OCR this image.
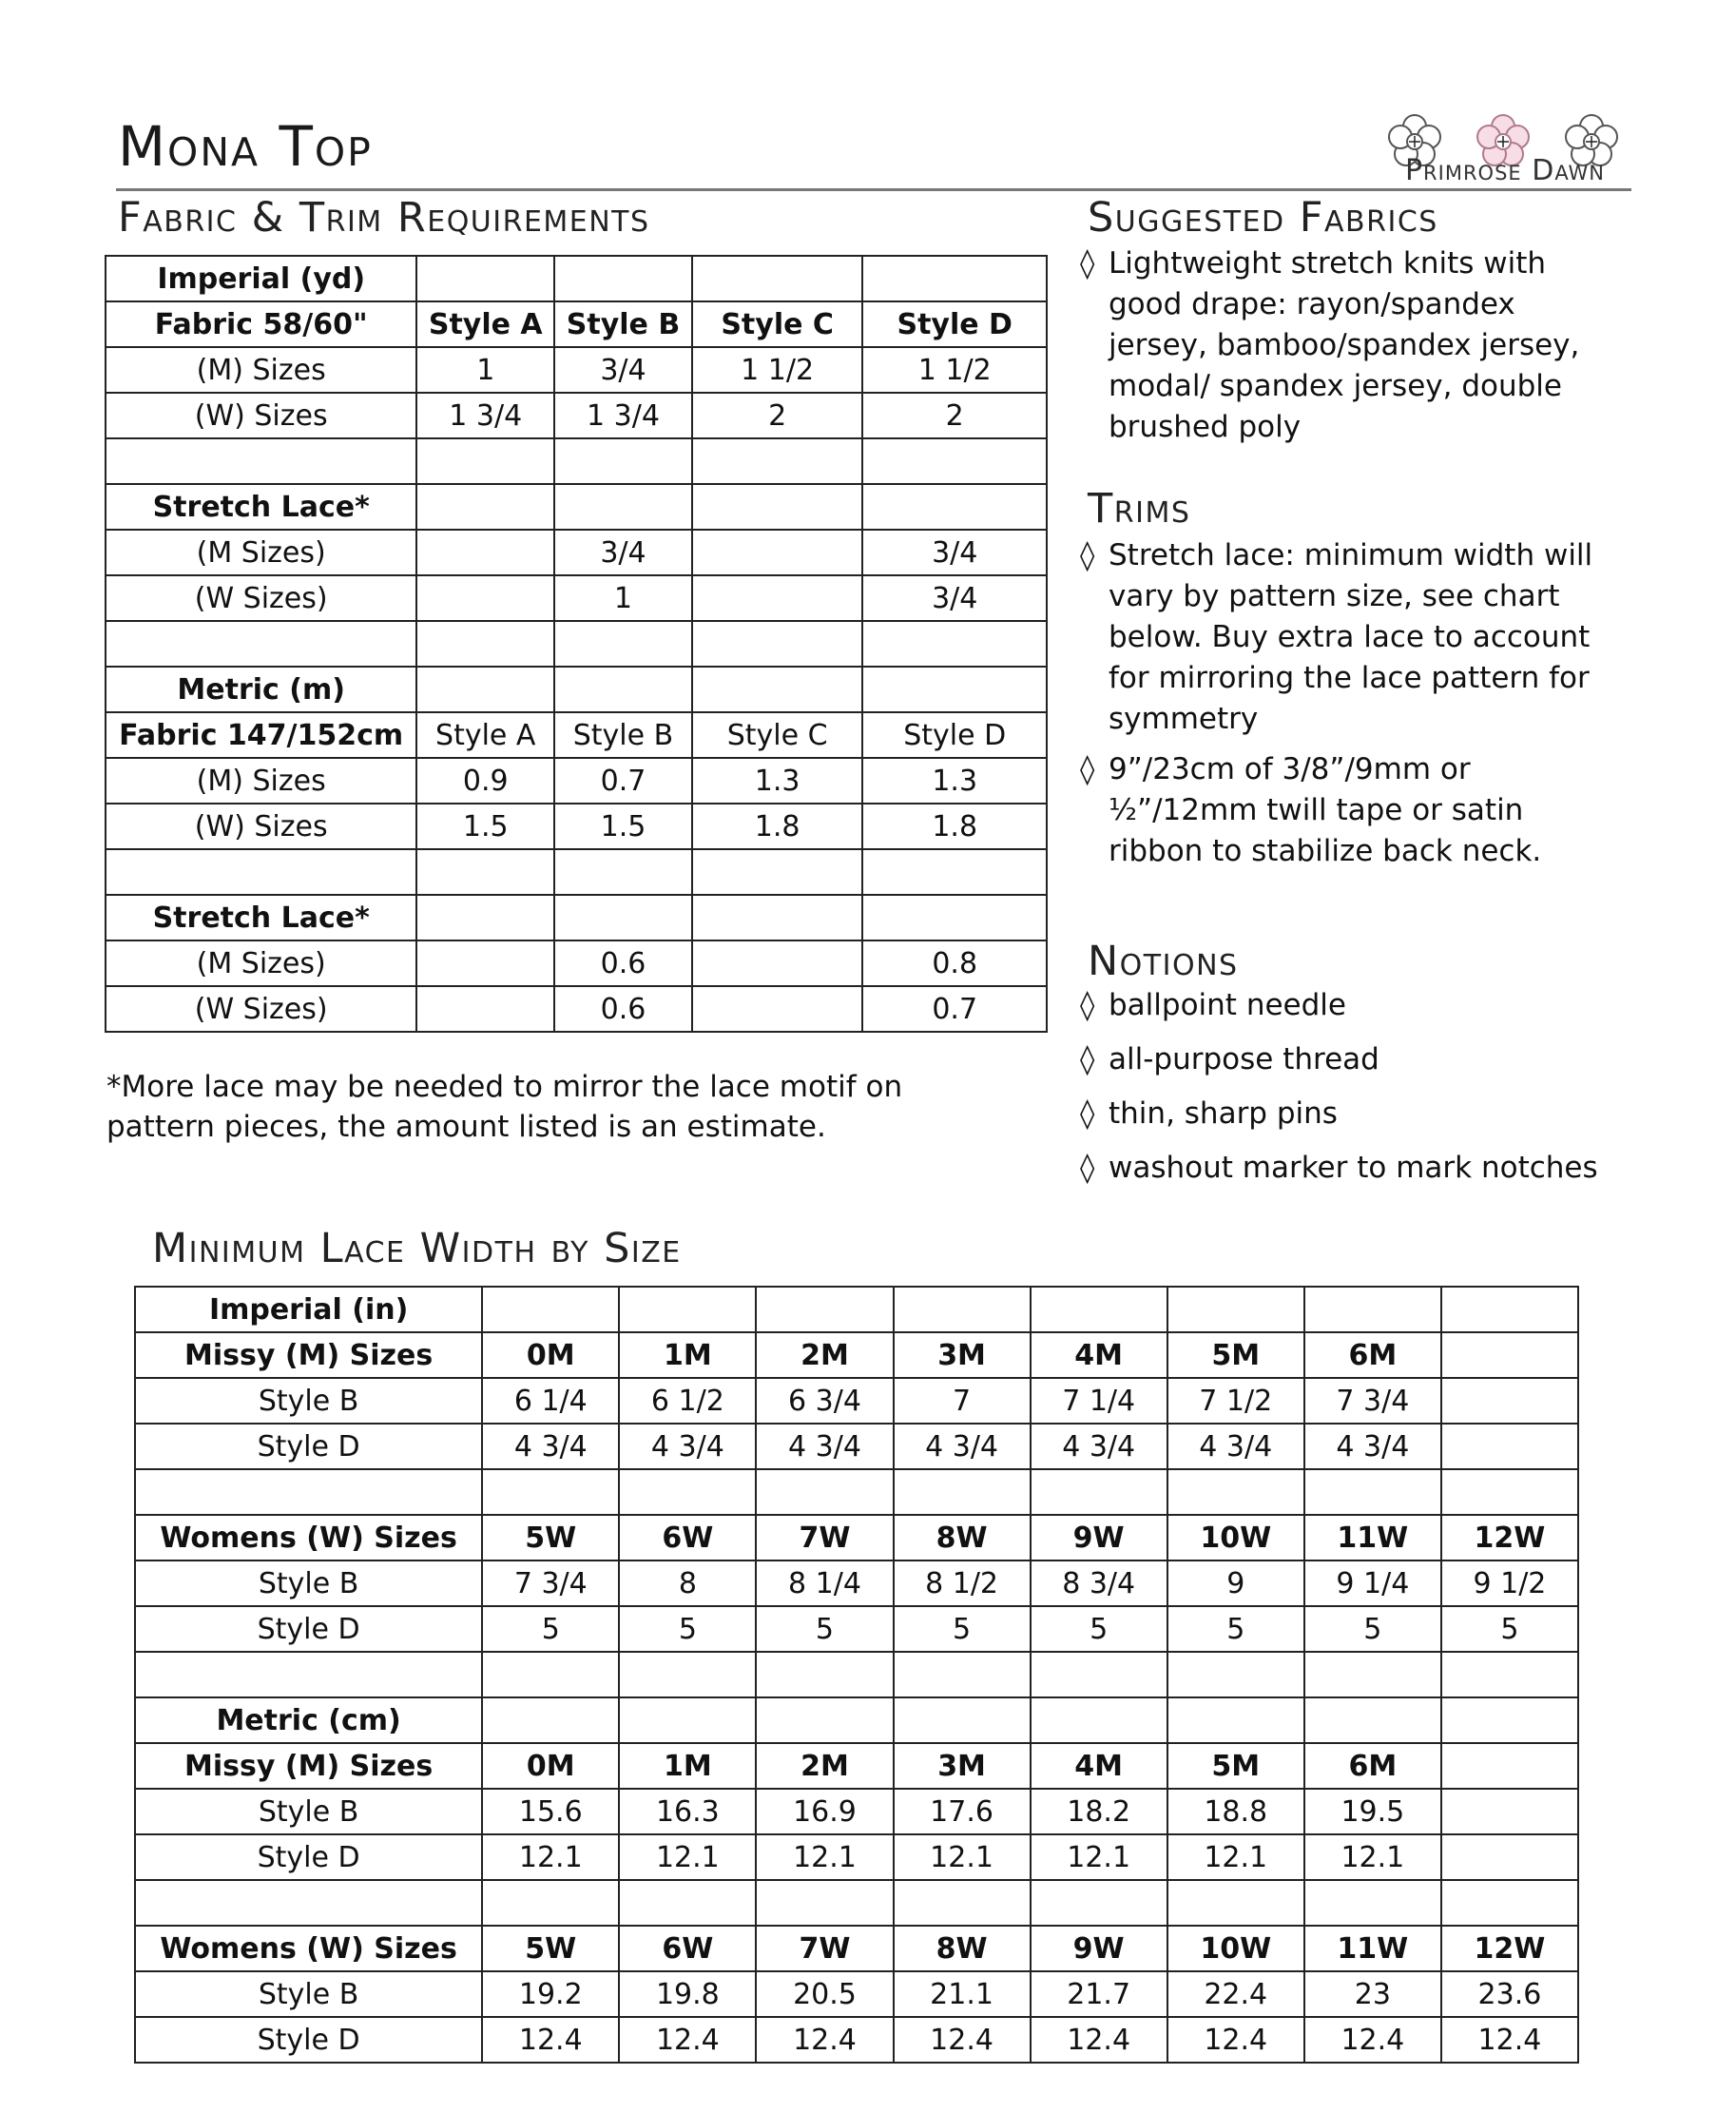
Mona Top	Primrose Dawn
Fabric & Trim Requirements	Suggested Fabrics
Trims
Notions
Minimum Lace Width by Size
Imperial (yd)				
Fabric 58/60"	Style A	Style B	Style C	Style D
(M) Sizes	1	3/4	1 1/2	1 1/2
(W) Sizes	1 3/4	1 3/4	2	2

Stretch Lace*				
(M Sizes)		3/4		3/4
(W Sizes)		1		3/4

Metric (m)				
Fabric 147/152cm	Style A	Style B	Style C	Style D
(M) Sizes	0.9	0.7	1.3	1.3
(W) Sizes	1.5	1.5	1.8	1.8

Stretch Lace*				
(M Sizes)		0.6		0.8
(W Sizes)		0.6		0.7
*More lace may be needed to mirror the lace motif on pattern pieces, the amount listed is an estimate.
◊ Lightweight stretch knits with good drape: rayon/spandex jersey, bamboo/spandex jersey, modal/ spandex jersey, double brushed poly
◊ Stretch lace: minimum width will vary by pattern size, see chart below. Buy extra lace to account for mirroring the lace pattern for symmetry
◊ 9”/23cm of 3/8”/9mm or ½”/12mm twill tape or satin ribbon to stabilize back neck.
◊ ballpoint needle
◊ all-purpose thread
◊ thin, sharp pins
◊ washout marker to mark notches
Imperial (in)								
Missy (M) Sizes	0M	1M	2M	3M	4M	5M	6M	
Style B	6 1/4	6 1/2	6 3/4	7	7 1/4	7 1/2	7 3/4	
Style D	4 3/4	4 3/4	4 3/4	4 3/4	4 3/4	4 3/4	4 3/4	

Womens (W) Sizes	5W	6W	7W	8W	9W	10W	11W	12W
Style B	7 3/4	8	8 1/4	8 1/2	8 3/4	9	9 1/4	9 1/2
Style D	5	5	5	5	5	5	5	5

Metric (cm)								
Missy (M) Sizes	0M	1M	2M	3M	4M	5M	6M	
Style B	15.6	16.3	16.9	17.6	18.2	18.8	19.5	
Style D	12.1	12.1	12.1	12.1	12.1	12.1	12.1	

Womens (W) Sizes	5W	6W	7W	8W	9W	10W	11W	12W
Style B	19.2	19.8	20.5	21.1	21.7	22.4	23	23.6
Style D	12.4	12.4	12.4	12.4	12.4	12.4	12.4	12.4
